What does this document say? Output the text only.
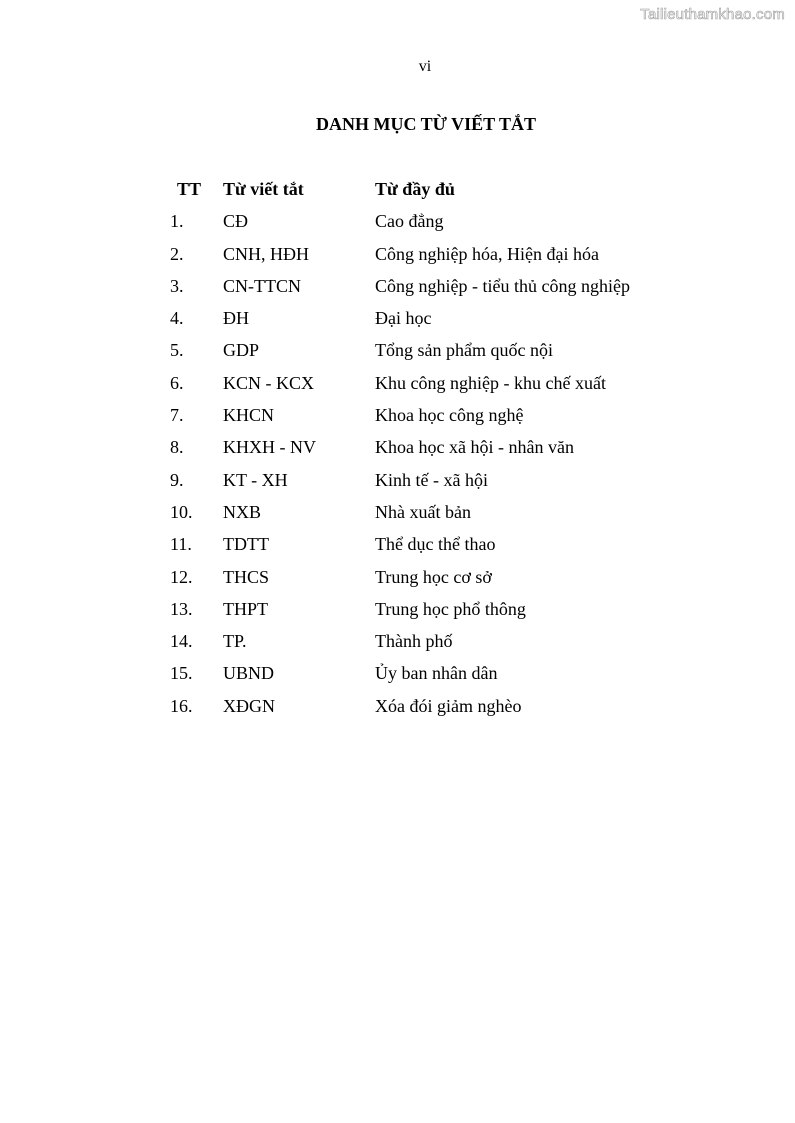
Tailieuthamkhao.com
vi
DANH MỤC TỪ VIẾT TẮT
TT Từ viết tắt	Từ đầy đủ
1. CĐ	Cao đẳng
2. CNH, HĐH	Công nghiệp hóa, Hiện đại hóa
3. CN-TTCN	Công nghiệp - tiểu thủ công nghiệp
4. ĐH	Đại học
5. GDP	Tổng sản phẩm quốc nội
6. KCN - KCX	Khu công nghiệp - khu chế xuất
7. KHCN	Khoa học công nghệ
8. KHXH - NV	Khoa học xã hội - nhân văn
9. KT - XH	Kinh tế - xã hội
10. NXB	Nhà xuất bản
11. TDTT	Thể dục thể thao
12. THCS	Trung học cơ sở
13. THPT	Trung học phổ thông
14. TP.	Thành phố
15. UBND	Ủy ban nhân dân
16. XĐGN	Xóa đói giảm nghèo
